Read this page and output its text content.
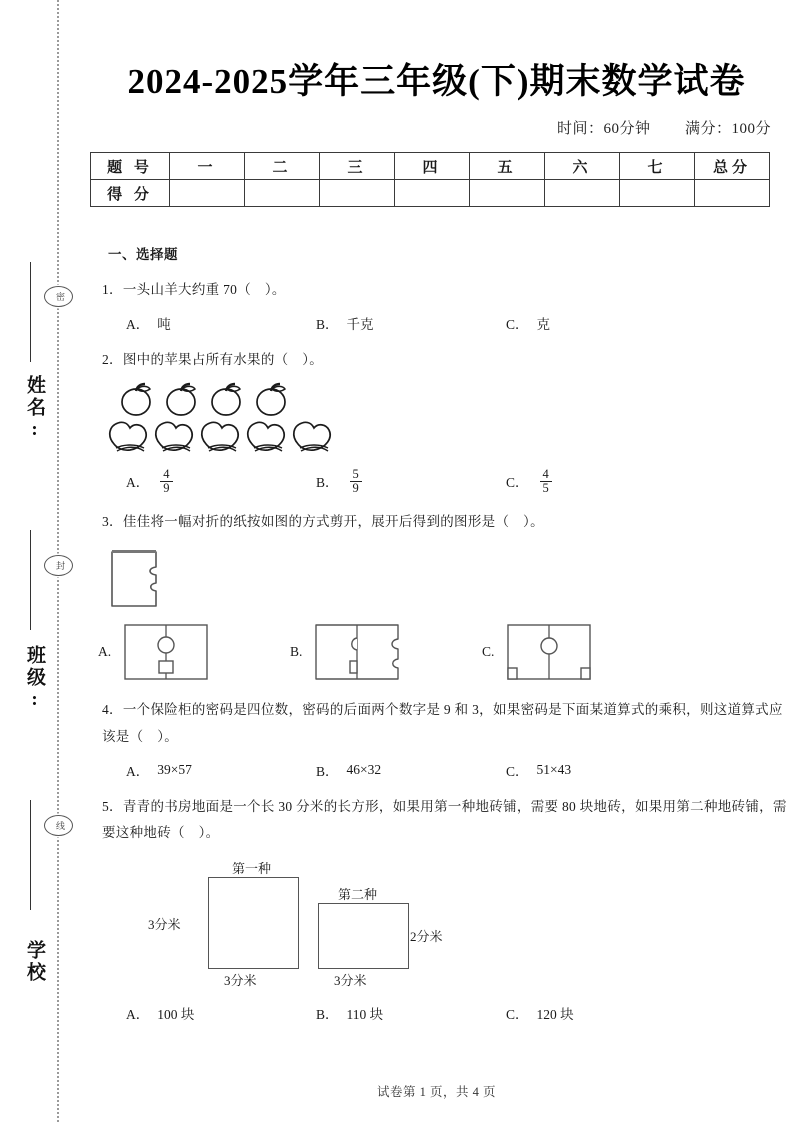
密
封
线
姓名:
班级:
学校
2024-2025学年三年级(下)期末数学试卷
时间：60分钟 满分：100分
题 号	一	二	三	四	五	六	七	总分
得 分								
一、选择题
1．一头山羊大约重 70（　）。
A． 吨	B． 千克	C． 克
2．图中的苹果占所有水果的（　）。
A． $\frac{4}{9}$	B． $\frac{5}{9}$	C． $\frac{4}{5}$
3．佳佳将一幅对折的纸按如图的方式剪开，展开后得到的图形是（　）。
A.	B.	C.
4．一个保险柜的密码是四位数，密码的后面两个数字是 9 和 3，如果密码是下面某道算式的乘积，则这道算式应该是（　）。
A． 39×57	B． 46×32	C． 51×43
5．青青的书房地面是一个长 30 分米的长方形，如果用第一种地砖铺，需要 80 块地砖，如果用第二种地砖铺，需要这种地砖（　）。
第一种
3分米
3分米
第二种
2分米
3分米
A． 100 块	B． 110 块	C． 120 块
试卷第 1 页，共 4 页
